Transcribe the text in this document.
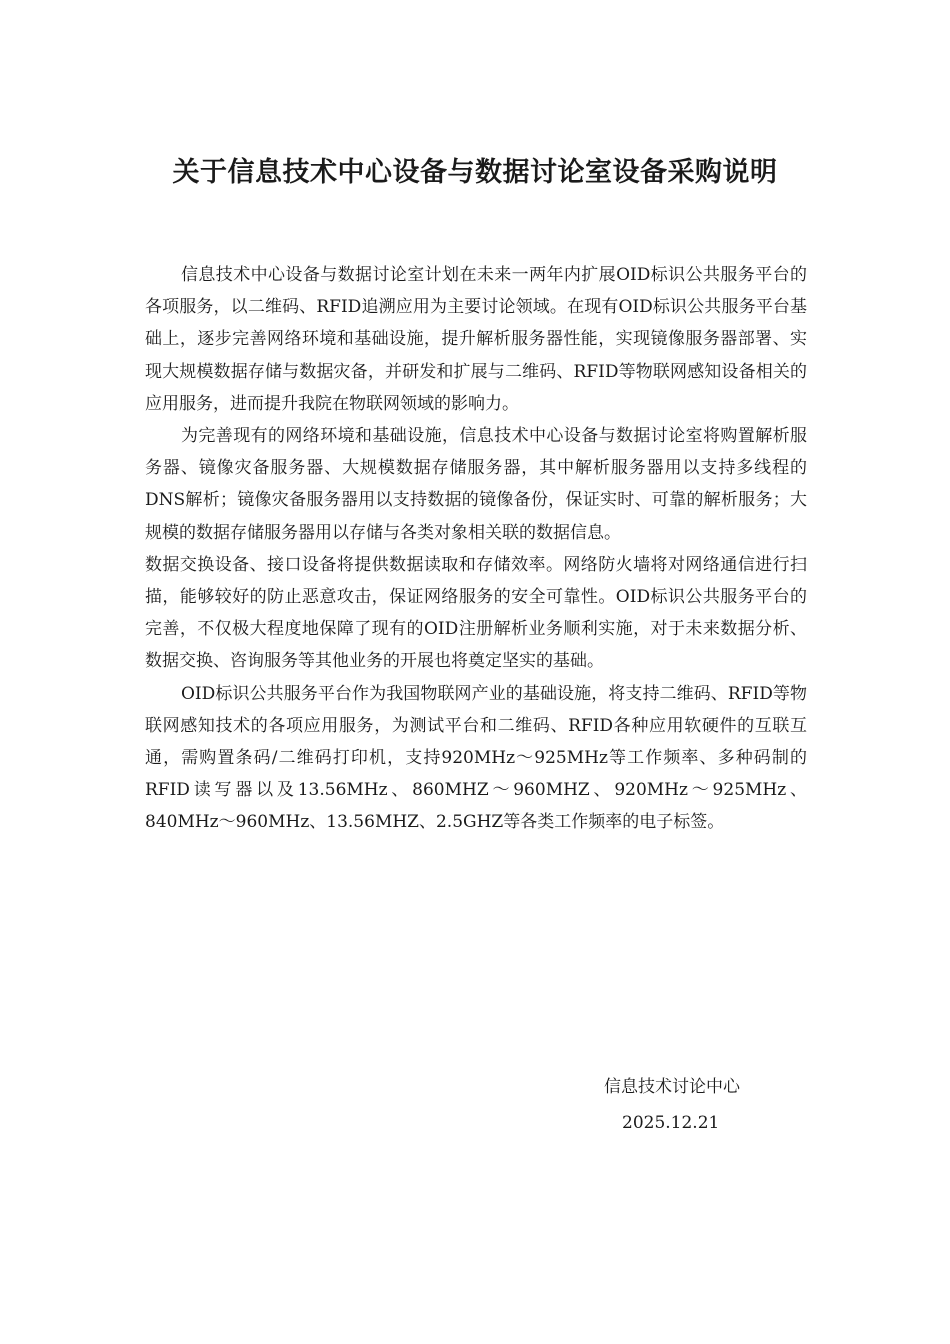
关于信息技术中心设备与数据讨论室设备采购说明

信息技术中心设备与数据讨论室计划在未来一两年内扩展OID标识公共服务平台的各项服务，以二维码、RFID追溯应用为主要讨论领域。在现有OID标识公共服务平台基础上，逐步完善网络环境和基础设施，提升解析服务器性能，实现镜像服务器部署、实现大规模数据存储与数据灾备，并研发和扩展与二维码、RFID等物联网感知设备相关的应用服务，进而提升我院在物联网领域的影响力。

为完善现有的网络环境和基础设施，信息技术中心设备与数据讨论室将购置解析服务器、镜像灾备服务器、大规模数据存储服务器，其中解析服务器用以支持多线程的DNS解析；镜像灾备服务器用以支持数据的镜像备份，保证实时、可靠的解析服务；大规模的数据存储服务器用以存储与各类对象相关联的数据信息。

数据交换设备、接口设备将提供数据读取和存储效率。网络防火墙将对网络通信进行扫描，能够较好的防止恶意攻击，保证网络服务的安全可靠性。OID标识公共服务平台的完善，不仅极大程度地保障了现有的OID注册解析业务顺利实施，对于未来数据分析、数据交换、咨询服务等其他业务的开展也将奠定坚实的基础。

OID标识公共服务平台作为我国物联网产业的基础设施，将支持二维码、RFID等物联网感知技术的各项应用服务，为测试平台和二维码、RFID各种应用软硬件的互联互通，需购置条码/二维码打印机，支持920MHz～925MHz等工作频率、多种码制的RFID读写器以及13.56MHz、860MHZ～960MHZ、920MHz～925MHz、840MHz～960MHz、13.56MHZ、2.5GHZ等各类工作频率的电子标签。

信息技术讨论中心
2025.12.21
